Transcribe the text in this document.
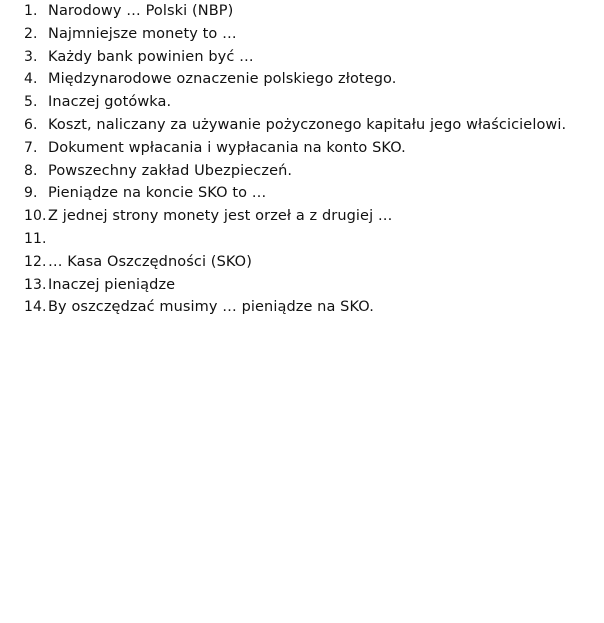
1. Narodowy … Polski (NBP)
2. Najmniejsze monety to …
3. Każdy bank powinien być …
4. Międzynarodowe oznaczenie polskiego złotego.
5. Inaczej gotówka.
6. Koszt, naliczany za używanie pożyczonego kapitału jego właścicielowi.
7. Dokument wpłacania i wypłacania na konto SKO.
8. Powszechny zakład Ubezpieczeń.
9. Pieniądze na koncie SKO to …
10. Z jednej strony monety jest orzeł a z drugiej …
11.
12. … Kasa Oszczędności (SKO)
13. Inaczej pieniądze
14. By oszczędzać musimy … pieniądze na SKO.
